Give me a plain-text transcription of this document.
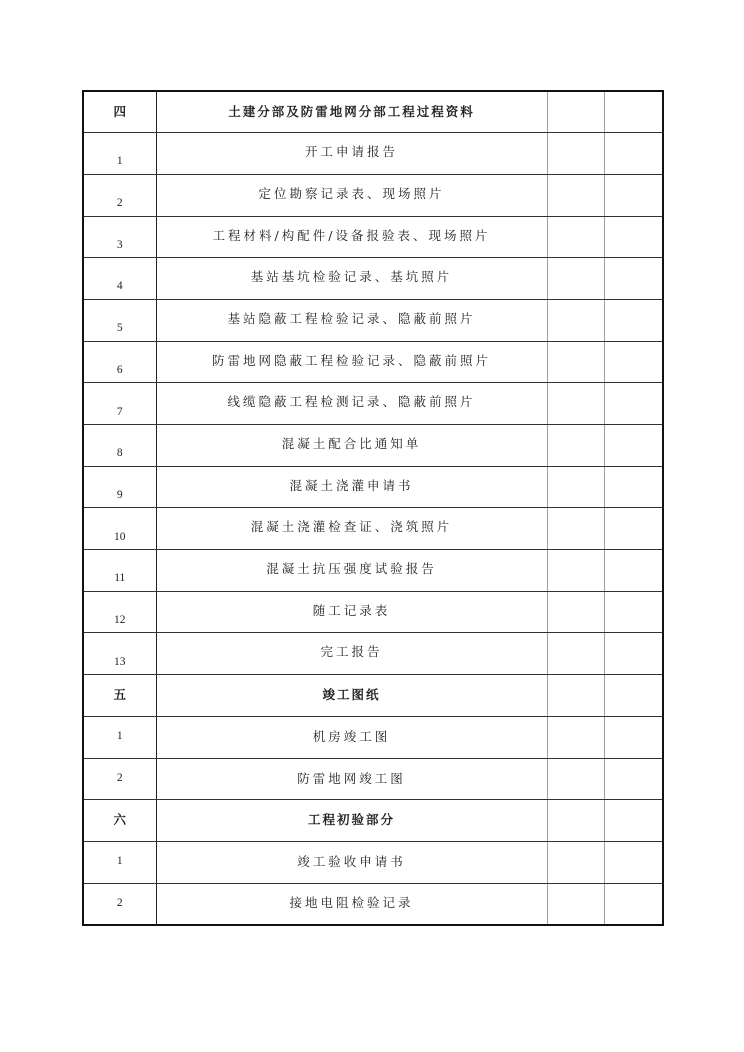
四	土建分部及防雷地网分部工程过程资料		
1	开工申请报告		
2	定位勘察记录表、现场照片		
3	工程材料/构配件/设备报验表、现场照片		
4	基站基坑检验记录、基坑照片		
5	基站隐蔽工程检验记录、隐蔽前照片		
6	防雷地网隐蔽工程检验记录、隐蔽前照片		
7	线缆隐蔽工程检测记录、隐蔽前照片		
8	混凝土配合比通知单		
9	混凝土浇灌申请书		
10	混凝土浇灌检查证、浇筑照片		
11	混凝土抗压强度试验报告		
12	随工记录表		
13	完工报告		
五	竣工图纸		
1	机房竣工图		
2	防雷地网竣工图		
六	工程初验部分		
1	竣工验收申请书		
2	接地电阻检验记录		
